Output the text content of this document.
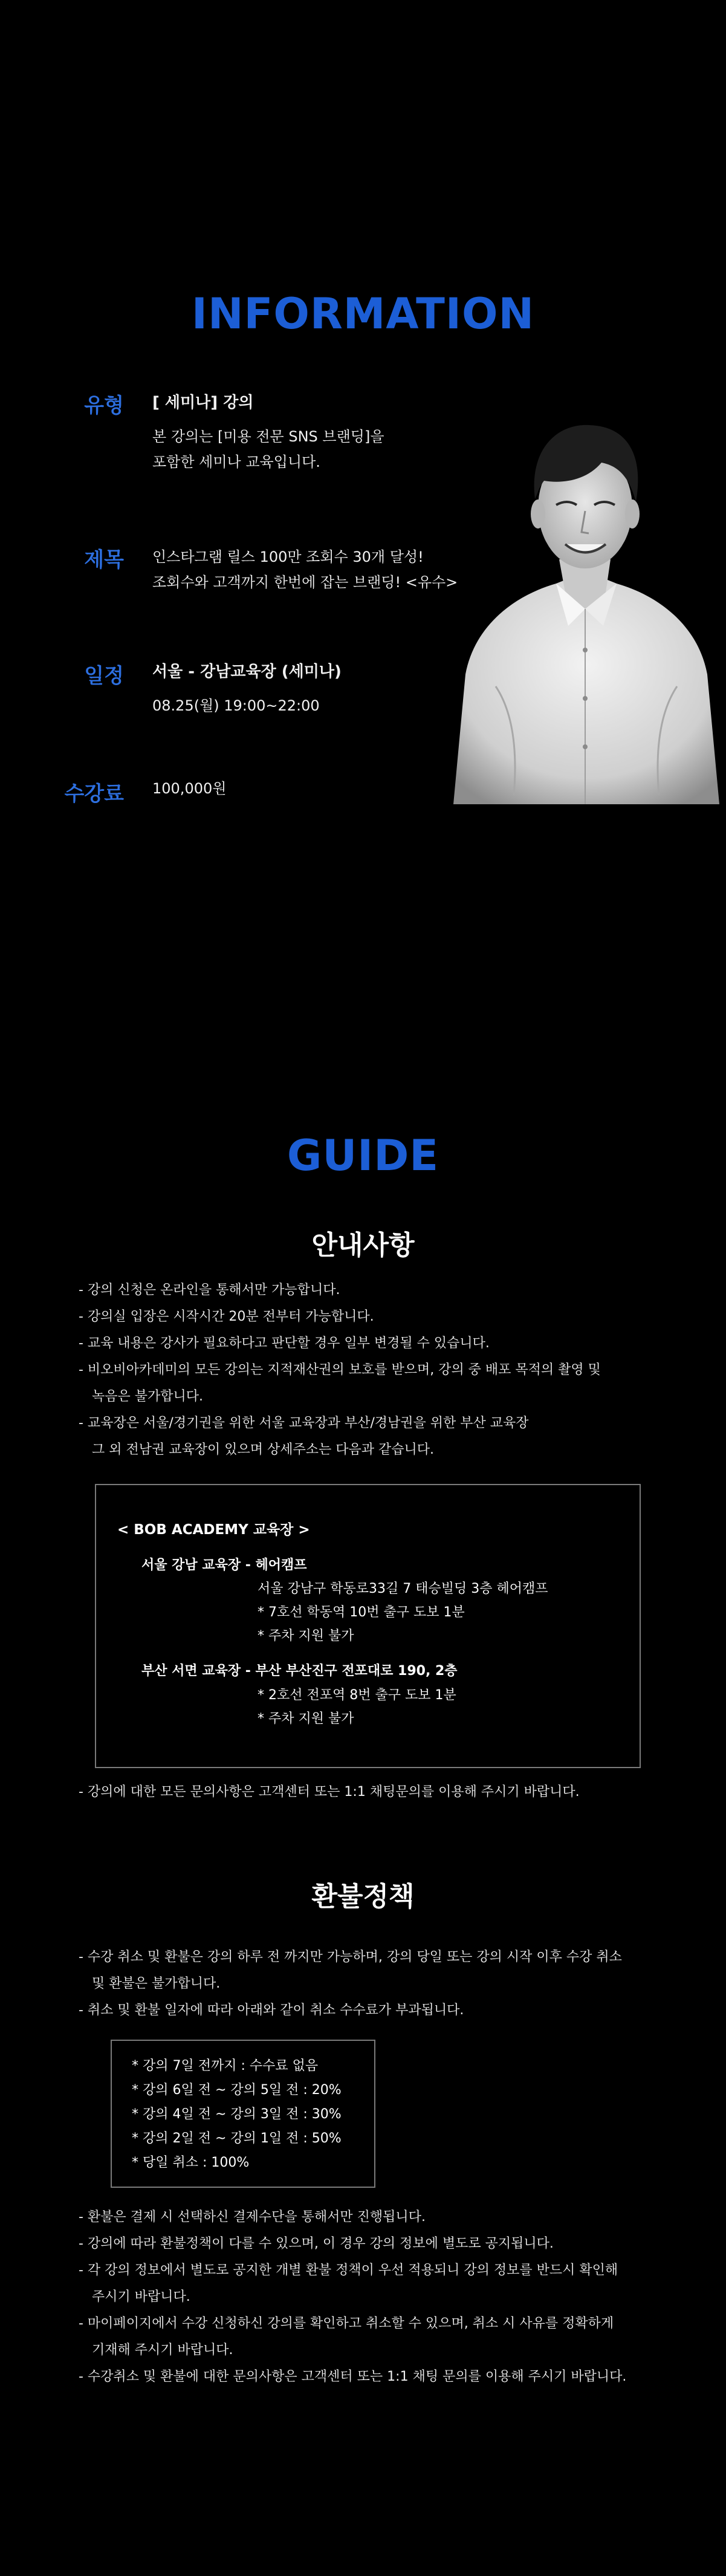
INFORMATION
유형 [ 세미나] 강의
본 강의는 [미용 전문 SNS 브랜딩]을
포함한 세미나 교육입니다.
제목 인스타그램 릴스 100만 조회수 30개 달성!
조회수와 고객까지 한번에 잡는 브랜딩! <유수>
일정 서울 - 강남교육장 (세미나)
08.25(월) 19:00~22:00
수강료 100,000원
GUIDE
안내사항

- 강의 신청은 온라인을 통해서만 가능합니다.

- 강의실 입장은 시작시간 20분 전부터 가능합니다.

- 교육 내용은 강사가 필요하다고 판단할 경우 일부 변경될 수 있습니다.

- 비오비아카데미의 모든 강의는 지적재산권의 보호를 받으며, 강의 중 배포 목적의 촬영 및

녹음은 불가합니다.

- 교육장은 서울/경기권을 위한 서울 교육장과 부산/경남권을 위한 부산 교육장

그 외 전남권 교육장이 있으며 상세주소는 다음과 같습니다.

< BOB ACADEMY 교육장 >
서울 강남 교육장 - 헤어캠프
서울 강남구 학동로33길 7 태승빌딩 3층 헤어캠프
* 7호선 학동역 10번 출구 도보 1분
* 주차 지원 불가
부산 서면 교육장 - 부산 부산진구 전포대로 190, 2층
* 2호선 전포역 8번 출구 도보 1분
* 주차 지원 불가
- 강의에 대한 모든 문의사항은 고객센터 또는 1:1 채팅문의를 이용해 주시기 바랍니다.
환불정책

- 수강 취소 및 환불은 강의 하루 전 까지만 가능하며, 강의 당일 또는 강의 시작 이후 수강 취소

및 환불은 불가합니다.

- 취소 및 환불 일자에 따라 아래와 같이 취소 수수료가 부과됩니다.

* 강의 7일 전까지 : 수수료 없음
* 강의 6일 전 ~ 강의 5일 전 : 20%
* 강의 4일 전 ~ 강의 3일 전 : 30%
* 강의 2일 전 ~ 강의 1일 전 : 50%
* 당일 취소 : 100%

- 환불은 결제 시 선택하신 결제수단을 통해서만 진행됩니다.

- 강의에 따라 환불정책이 다를 수 있으며, 이 경우 강의 정보에 별도로 공지됩니다.

- 각 강의 정보에서 별도로 공지한 개별 환불 정책이 우선 적용되니 강의 정보를 반드시 확인해

주시기 바랍니다.

- 마이페이지에서 수강 신청하신 강의를 확인하고 취소할 수 있으며, 취소 시 사유를 정확하게

기재해 주시기 바랍니다.

- 수강취소 및 환불에 대한 문의사항은 고객센터 또는 1:1 채팅 문의를 이용해 주시기 바랍니다.
